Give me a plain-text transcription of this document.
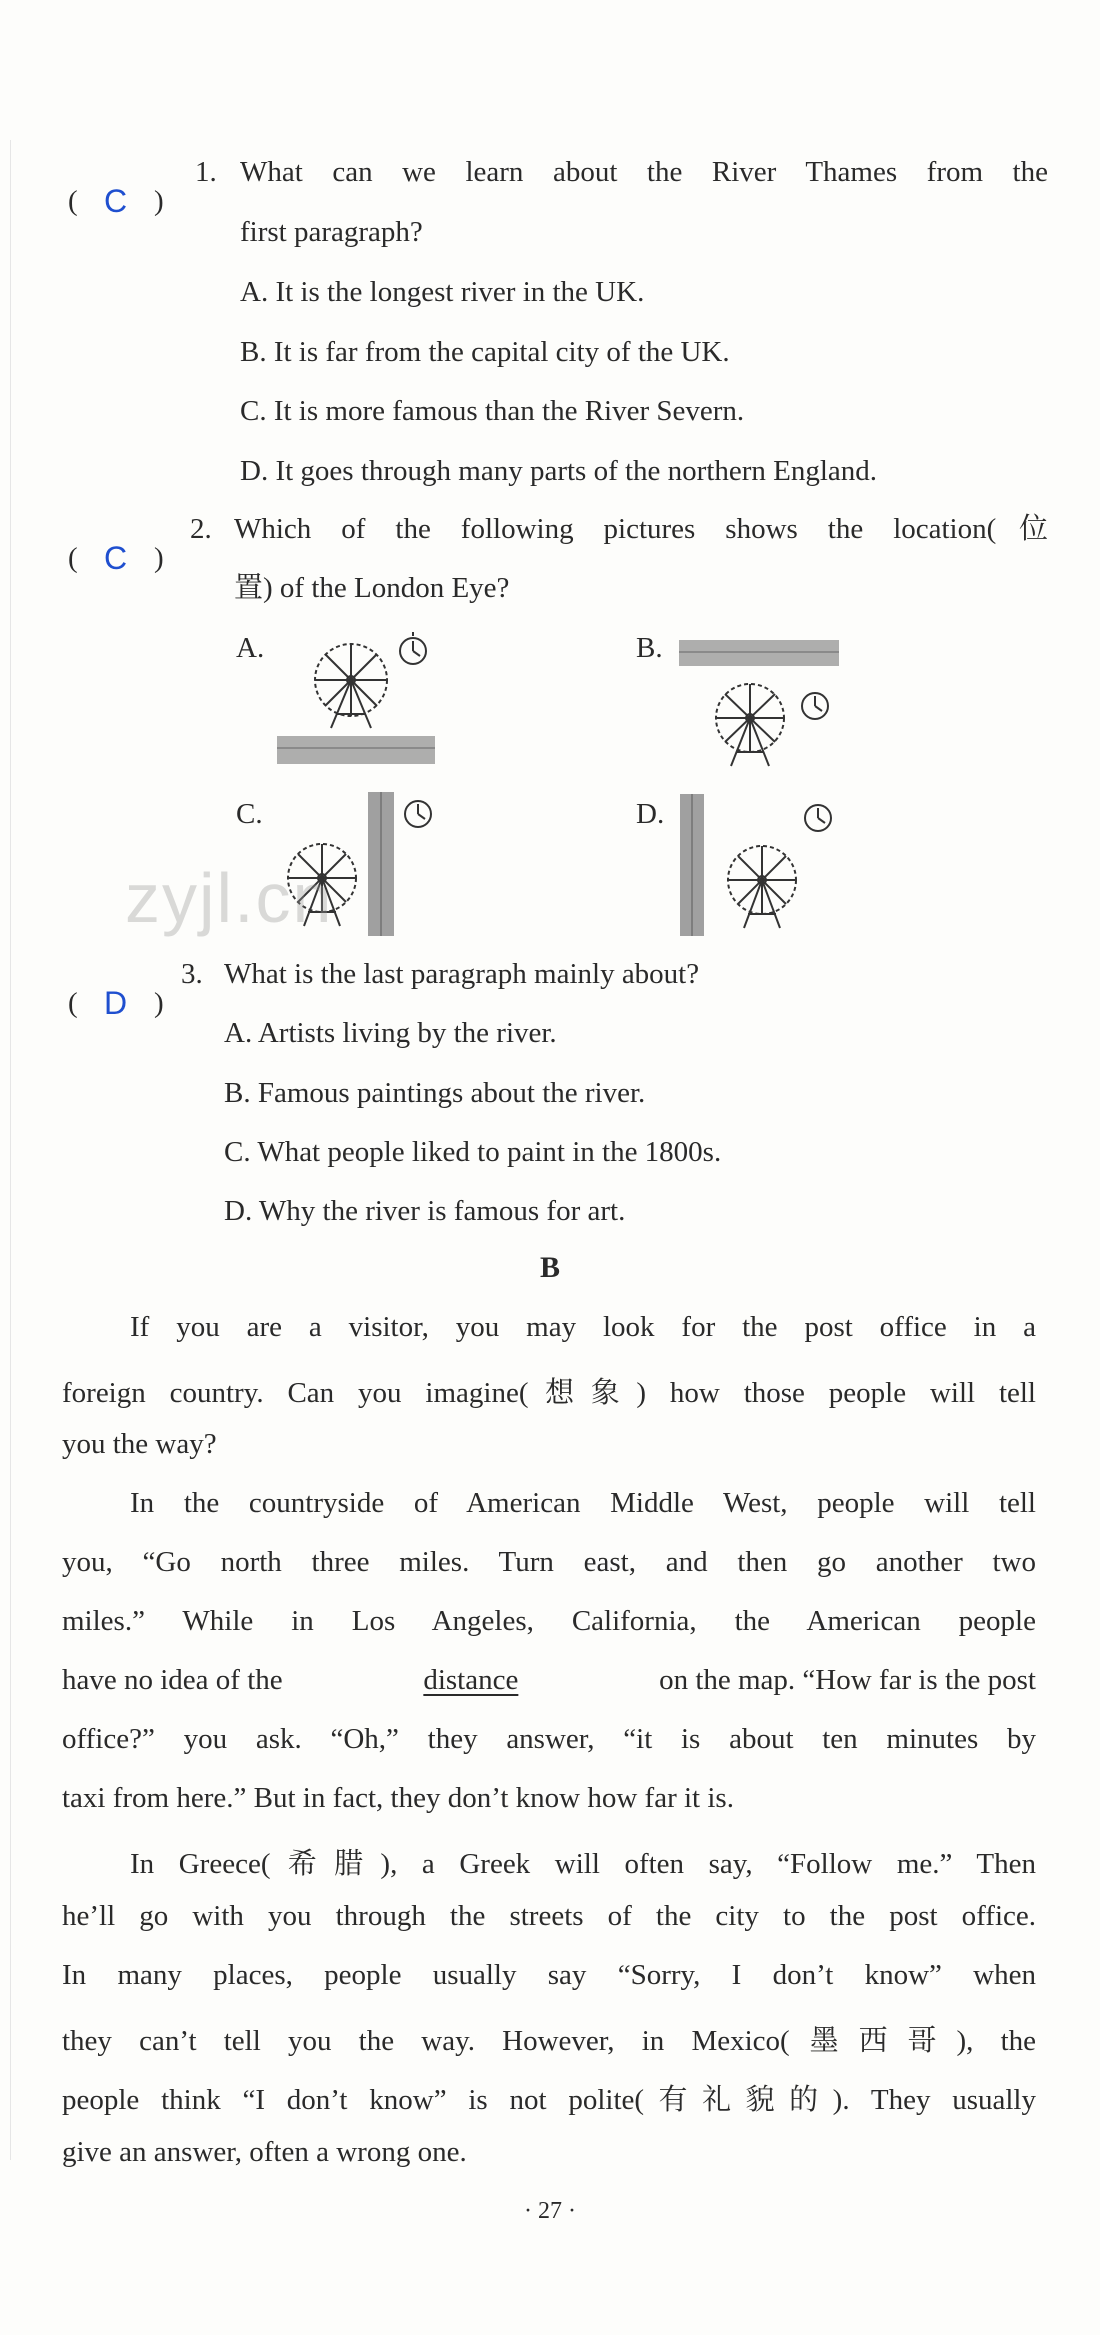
( C )
1. What can we learn about the River Thames from the
first paragraph?
A. It is the longest river in the UK.
B. It is far from the capital city of the UK.
C. It is more famous than the River Severn.
D. It goes through many parts of the northern England.
( C )
2. Which of the following pictures shows the location(位
置) of the London Eye?
A.	B.
C.	D.
zyjl.cn
( D )
3. What is the last paragraph mainly about?
A. Artists living by the river.
B. Famous paintings about the river.
C. What people liked to paint in the 1800s.
D. Why the river is famous for art.
B
If you are a visitor, you may look for the post office in a
foreign country. Can you imagine(想象) how those people will tell
you the way?
In the countryside of American Middle West, people will tell
you, “Go north three miles. Turn east, and then go another two
miles.” While in Los Angeles, California, the American people
have no idea of the	distance	on the map. “How far is the post
office?” you ask. “Oh,” they answer, “it is about ten minutes by
taxi from here.” But in fact, they don’t know how far it is.
In Greece(希腊), a Greek will often say, “Follow me.” Then
he’ll go with you through the streets of the city to the post office.
In many places, people usually say “Sorry, I don’t know” when
they can’t tell you the way. However, in Mexico(墨西哥), the
people think “I don’t know” is not polite(有礼貌的). They usually
give an answer, often a wrong one.
· 27 ·
